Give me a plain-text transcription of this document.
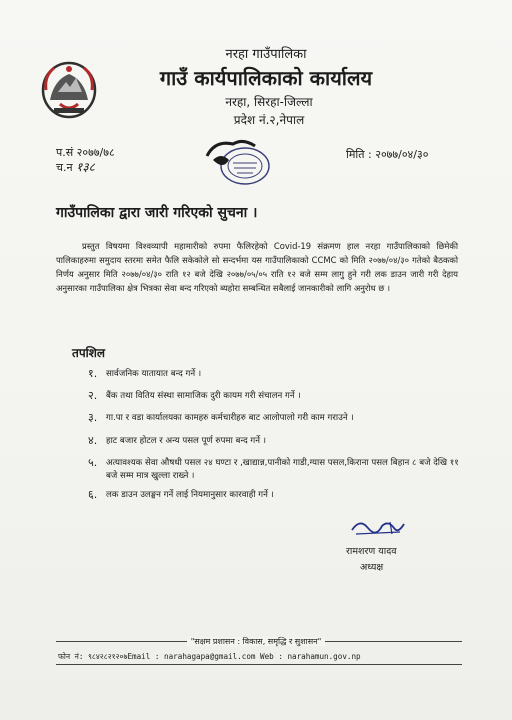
नरहा गाउँपालिका
गाउँ कार्यपालिकाको कार्यालय
नरहा, सिरहा-जिल्ला
प्रदेश नं.२,नेपाल
प.सं २०७७/७८
च.न १३८
मिति : २०७७/०४/३०
गाउँपालिका द्वारा जारी गरिएको सुचना ।
प्रस्तुत विषयमा विश्वव्यापी महामारीको रुपमा फैलिरहेको Covid-19 संक्रमण हाल नरहा गाउँपालिकाको छिमेकी पालिकाहरुमा समुदाय स्तरमा समेत फैलि सकेकोले सो सन्दर्भमा यस गाउँपालिकाको CCMC को मिति २०७७/०४/३० गतेको बैठकको निर्णय अनुसार मिति २०७७/०४/३० राति १२ बजे देखि २०७७/०५/०५ राति १२ बजे सम्म लागु हुने गरी लक डाउन जारी गरी देहाय अनुसारका गाउँपालिका क्षेत्र भित्रका सेवा बन्द गरिएको ब्यहोरा सम्बन्धित सबैलाई जानकारीको लागि अनुरोध छ ।
तपशिल
१. सार्वजनिक यातायात बन्द गर्ने ।
२. बैंक तथा वितिय संस्था सामाजिक दुरी कायम गरी संचालन गर्ने ।
३. गा.पा र वडा कार्यालयका कामहरु कर्मचारीहरु बाट आलोपालो गरी काम गराउने ।
४. हाट बजार होटल र अन्य पसल पूर्ण रुपमा बन्द गर्ने ।
५. अत्यावश्यक सेवा औषधी पसल २४ घण्टा र ,खाद्यान्न,पानीको गाडी,ग्यास पसल,किराना पसल बिहान ८ बजे देखि ११ बजे सम्म मात्र खुल्ला राख्ने ।
६. लक डाउन उलङ्घन गर्ने लाई नियमानुसार कारवाही गर्ने ।
रामशरण यादव
अध्यक्ष
"सक्षम प्रशासन : विकास, समृद्धि र सुशासन"
फोन नं: ९८४२८२१२०७Email : narahagapa@gmail.com Web : narahamun.gov.np
